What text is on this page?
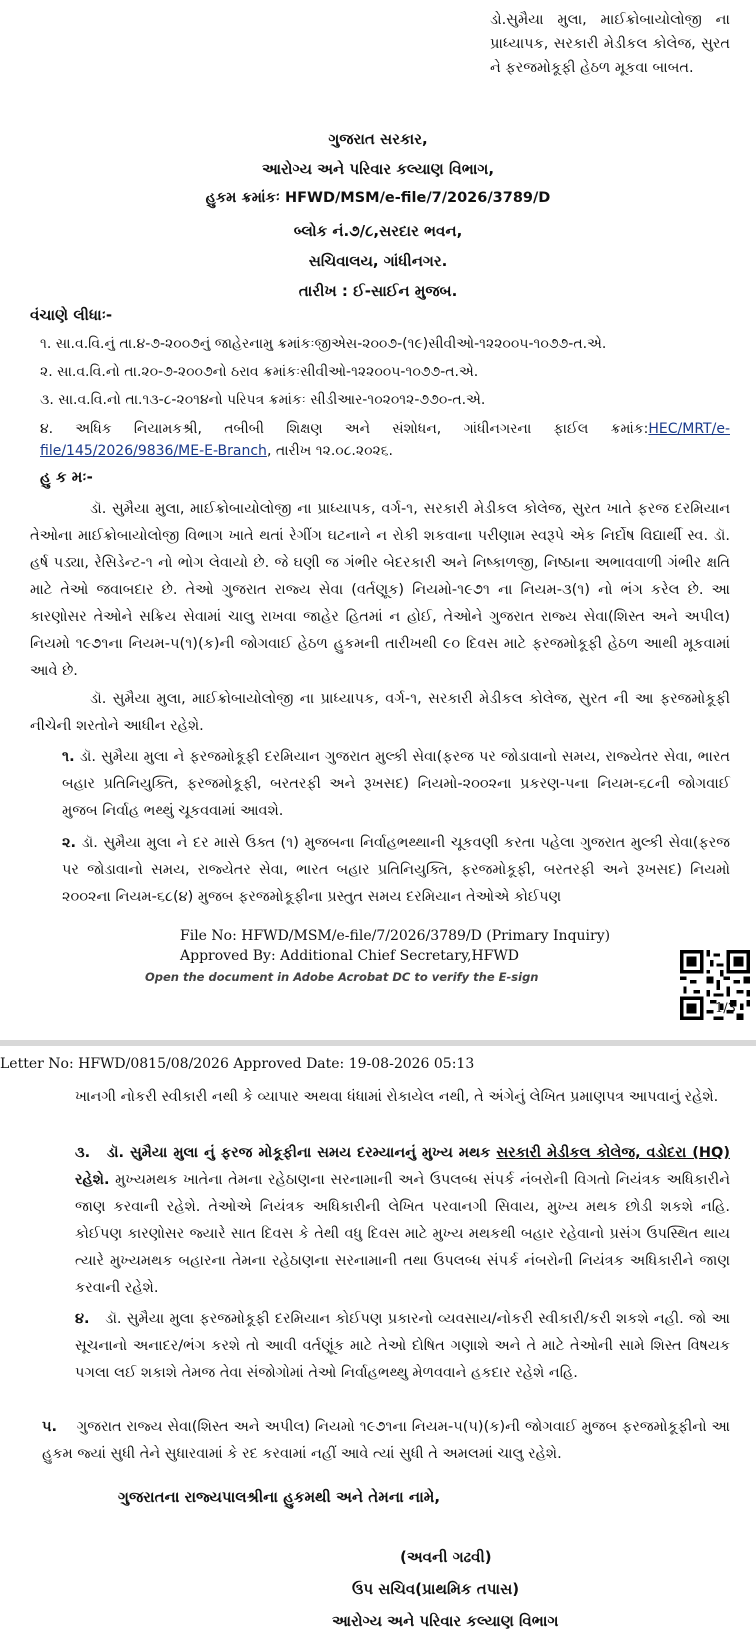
ડો.સુમૈયા મુલા, માઈક્રોબાયોલોજી ના પ્રાધ્યાપક, સરકારી મેડીકલ કોલેજ, સુરત ને ફરજમોકૂફી હેઠળ મૂકવા બાબત.
ગુજરાત સરકાર,
આરોગ્ય અને પરિવાર કલ્યાણ વિભાગ,
હુકમ ક્રમાંકઃ HFWD/MSM/e-file/7/2026/3789/D
બ્લોક નં.૭/૮,સરદાર ભવન,
સચિવાલય, ગાંધીનગર.
તારીખ : ઈ-સાઈન મુજબ.
વંચાણે લીધાઃ-
૧. સા.વ.વિ.નું તા.૪-૭-૨૦૦૭નું જાહેરનામુ ક્રમાંકઃજીએસ-૨૦૦૭-(૧૯)સીવીઓ-૧૨૨૦૦૫-૧૦૭૭-ત.એ.
૨. સા.વ.વિ.નો તા.૨૦-૭-૨૦૦૭નો ઠરાવ ક્રમાંકઃસીવીઓ-૧૨૨૦૦૫-૧૦૭૭-ત.એ.
૩. સા.વ.વિ.નો તા.૧૩-૮-૨૦૧૪નો પરિપત્ર ક્રમાંકઃ સીડીઆર-૧૦૨૦૧૨-૭૭૦-ત.એ.
૪. અધિક નિયામકશ્રી, તબીબી શિક્ષણ અને સંશોધન, ગાંધીનગરના ફાઈલ ક્રમાંક:HEC/MRT/e-file/145/2026/9836/ME-E-Branch, તારીખ ૧૨.૦૮.૨૦૨૬.
હુ ક મઃ-
ડૉ. સુમૈયા મુલા, માઈક્રોબાયોલોજી ના પ્રાધ્યાપક, વર્ગ-૧, સરકારી મેડીકલ કોલેજ, સુરત ખાતે ફરજ દરમિયાન તેઓના માઈક્રોબાયોલોજી વિભાગ ખાતે થતાં રેગીંગ ઘટનાને ન રોકી શકવાના પરીણામ સ્વરૂપે એક નિર્દોષ વિદ્યાર્થી સ્વ. ડૉ. હર્ષ પડ્યા, રેસિડેન્ટ-૧ નો ભોગ લેવાયો છે. જે ઘણી જ ગંભીર બેદરકારી અને નિષ્કાળજી, નિષ્ઠાના અભાવવાળી ગંભીર ક્ષતિ માટે તેઓ જવાબદાર છે. તેઓ ગુજરાત રાજ્ય સેવા (વર્તણૂક) નિયમો-૧૯૭૧ ના નિયમ-૩(૧) નો ભંગ કરેલ છે. આ કારણોસર તેઓને સક્રિય સેવામાં ચાલુ રાખવા જાહેર હિતમાં ન હોઈ, તેઓને ગુજરાત રાજ્ય સેવા(શિસ્ત અને અપીલ) નિયમો ૧૯૭૧ના નિયમ-૫(૧)(ક)ની જોગવાઈ હેઠળ હુકમની તારીખથી ૯૦ દિવસ માટે ફરજમોકૂફી હેઠળ આથી મૂકવામાં આવે છે.
ડૉ. સુમૈયા મુલા, માઈક્રોબાયોલોજી ના પ્રાધ્યાપક, વર્ગ-૧, સરકારી મેડીકલ કોલેજ, સુરત ની આ ફરજમોકૂફી નીચેની શરતોને આધીન રહેશે.
૧. ડૉ. સુમૈયા મુલા ને ફરજમોકૂફી દરમિયાન ગુજરાત મુલ્કી સેવા(ફરજ પર જોડાવાનો સમય, રાજ્યેતર સેવા, ભારત બહાર પ્રતિનિયુક્તિ, ફરજમોકૂફી, બરતરફી અને રૂખસદ) નિયમો-૨૦૦૨ના પ્રકરણ-૫ના નિયમ-૬૮ની જોગવાઈ મુજબ નિર્વાહ ભથ્થું ચૂકવવામાં આવશે.
૨. ડૉ. સુમૈયા મુલા ને દર માસે ઉક્ત (૧) મુજબના નિર્વાહભથ્થાની ચૂકવણી કરતા પહેલા ગુજરાત મુલ્કી સેવા(ફરજ પર જોડાવાનો સમય, રાજ્યેતર સેવા, ભારત બહાર પ્રતિનિયુક્તિ, ફરજમોકૂફી, બરતરફી અને રૂખસદ) નિયમો ૨૦૦૨ના નિયમ-૬૮(૪) મુજબ ફરજમોકૂફીના પ્રસ્તુત સમય દરમિયાન તેઓએ કોઈપણ
File No: HFWD/MSM/e-file/7/2026/3789/D (Primary Inquiry)
Approved By: Additional Chief Secretary,HFWD
Open the document in Adobe Acrobat DC to verify the E-sign
1/3
Letter No: HFWD/0815/08/2026 Approved Date: 19-08-2026 05:13
ખાનગી નોકરી સ્વીકારી નથી કે વ્યાપાર અથવા ધંધામાં રોકાયેલ નથી, તે અંગેનું લેખિત પ્રમાણપત્ર આપવાનું રહેશે.
૩. ડૉ. સુમૈયા મુલા નું ફરજ મોકૂફીના સમય દરમ્યાનનું મુખ્ય મથક સરકારી મેડીકલ કોલેજ, વડોદરા (HQ) રહેશે. મુખ્યમથક ખાતેના તેમના રહેઠાણના સરનામાની અને ઉપલબ્ધ સંપર્ક નંબરોની વિગતો નિયંત્રક અધિકારીને જાણ કરવાની રહેશે. તેઓએ નિયંત્રક અધિકારીની લેખિત પરવાનગી સિવાય, મુખ્ય મથક છોડી શકશે નહિ. કોઈપણ કારણોસર જ્યારે સાત દિવસ કે તેથી વધુ દિવસ માટે મુખ્ય મથકથી બહાર રહેવાનો પ્રસંગ ઉપસ્થિત થાય ત્યારે મુખ્યમથક બહારના તેમના રહેઠાણના સરનામાની તથા ઉપલબ્ધ સંપર્ક નંબરોની નિયંત્રક અધિકારીને જાણ કરવાની રહેશે.
૪. ડૉ. સુમૈયા મુલા ફરજમોકૂફી દરમિયાન કોઈપણ પ્રકારનો વ્યવસાય/નોકરી સ્વીકારી/કરી શકશે નહી. જો આ સૂચનાનો અનાદર/ભંગ કરશે તો આવી વર્તણૂંક માટે તેઓ દોષિત ગણાશે અને તે માટે તેઓની સામે શિસ્ત વિષયક પગલા લઈ શકાશે તેમજ તેવા સંજોગોમાં તેઓ નિર્વાહભથ્થુ મેળવવાને હકદાર રહેશે નહિ.
૫. ગુજરાત રાજ્ય સેવા(શિસ્ત અને અપીલ) નિયમો ૧૯૭૧ના નિયમ-૫(૫)(ક)ની જોગવાઈ મુજબ ફરજમોકૂફીનો આ હુકમ જ્યાં સુધી તેને સુધારવામાં કે રદ કરવામાં નહીં આવે ત્યાં સુધી તે અમલમાં ચાલુ રહેશે.
ગુજરાતના રાજ્યપાલશ્રીના હુકમથી અને તેમના નામે,
(અવની ગઢવી)
ઉપ સચિવ(પ્રાથમિક તપાસ)
આરોગ્ય અને પરિવાર કલ્યાણ વિભાગ
